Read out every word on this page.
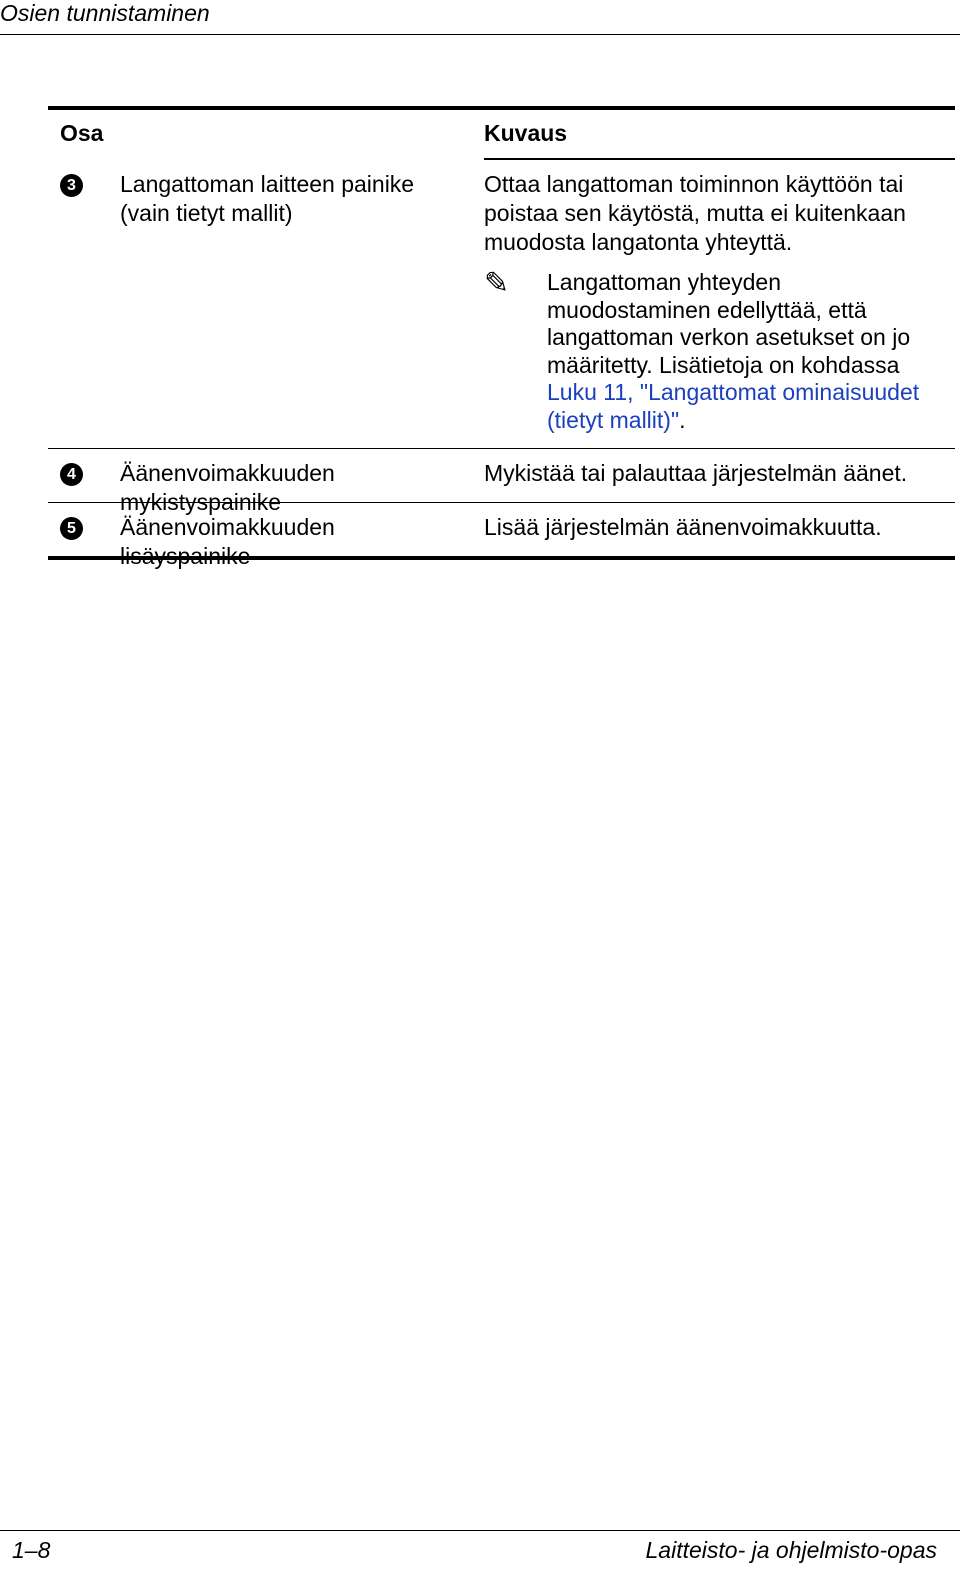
Osien tunnistaminen
Osa	Kuvaus
3	Langattoman laitteen painike (vain tietyt mallit)
Ottaa langattoman toiminnon käyttöön tai poistaa sen käytöstä, mutta ei kuitenkaan muodosta langatonta yhteyttä.
✎ Langattoman yhteyden muodostaminen edellyttää, että langattoman verkon asetukset on jo määritetty. Lisätietoja on kohdassa Luku 11, "Langattomat ominaisuudet (tietyt mallit)".
4	Äänenvoimakkuuden mykistyspainike
Mykistää tai palauttaa järjestelmän äänet.
5	Äänenvoimakkuuden lisäyspainike
Lisää järjestelmän äänenvoimakkuutta.
1–8	Laitteisto- ja ohjelmisto-opas
